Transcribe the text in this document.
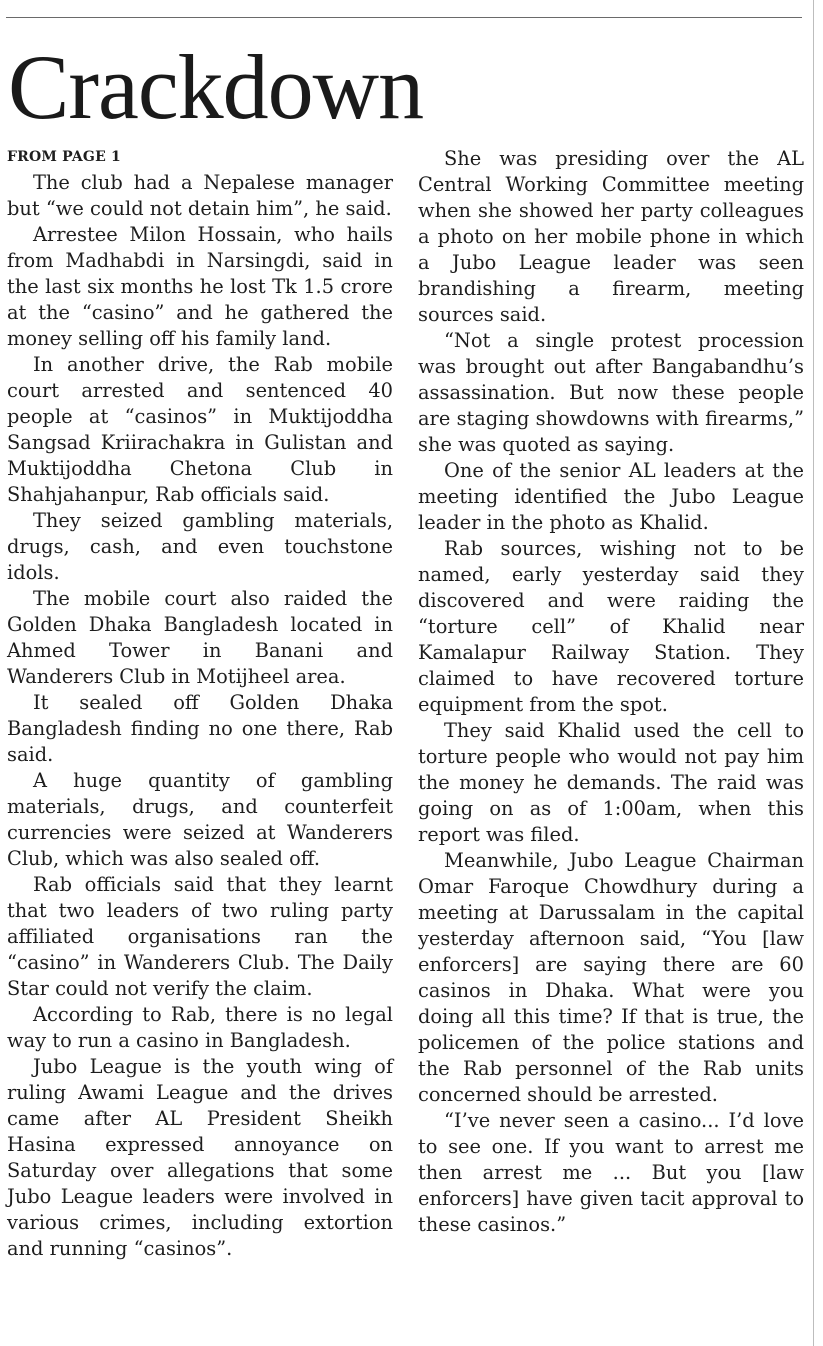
Crackdown

FROM PAGE 1

The club had a Nepalese manager but “we could not detain him”, he said.

Arrestee Milon Hossain, who hails from Madhabdi in Narsingdi, said in the last six months he lost Tk 1.5 crore at the “casino” and he gathered the money selling off his family land.

In another drive, the Rab mobile court arrested and sentenced 40 people at “casinos” in Muktijoddha Sangsad Kriirachakra in Gulistan and Muktijoddha Chetona Club in Shahjahanpur, Rab officials said.

They seized gambling materials, drugs, cash, and even touchstone idols.

The mobile court also raided the Golden Dhaka Bangladesh located in Ahmed Tower in Banani and Wanderers Club in Motijheel area.

It sealed off Golden Dhaka Bangladesh finding no one there, Rab said.

A huge quantity of gambling materials, drugs, and counterfeit currencies were seized at Wanderers Club, which was also sealed off.

Rab officials said that they learnt that two leaders of two ruling party affiliated organisations ran the “casino” in Wanderers Club. The Daily Star could not verify the claim.

According to Rab, there is no legal way to run a casino in Bangladesh.

Jubo League is the youth wing of ruling Awami League and the drives came after AL President Sheikh Hasina expressed annoyance on Saturday over allegations that some Jubo League leaders were involved in various crimes, including extortion and running “casinos”.

She was presiding over the AL Central Working Committee meeting when she showed her party colleagues a photo on her mobile phone in which a Jubo League leader was seen brandishing a firearm, meeting sources said.

“Not a single protest procession was brought out after Bangabandhu’s assassination. But now these people are staging showdowns with firearms,” she was quoted as saying.

One of the senior AL leaders at the meeting identified the Jubo League leader in the photo as Khalid.

Rab sources, wishing not to be named, early yesterday said they discovered and were raiding the “torture cell” of Khalid near Kamalapur Railway Station. They claimed to have recovered torture equipment from the spot.

They said Khalid used the cell to torture people who would not pay him the money he demands. The raid was going on as of 1:00am, when this report was filed.

Meanwhile, Jubo League Chairman Omar Faroque Chowdhury during a meeting at Darussalam in the capital yesterday afternoon said, “You [law enforcers] are saying there are 60 casinos in Dhaka. What were you doing all this time? If that is true, the policemen of the police stations and the Rab personnel of the Rab units concerned should be arrested.

“I’ve never seen a casino... I’d love to see one. If you want to arrest me then arrest me ... But you [law enforcers] have given tacit approval to these casinos.”
